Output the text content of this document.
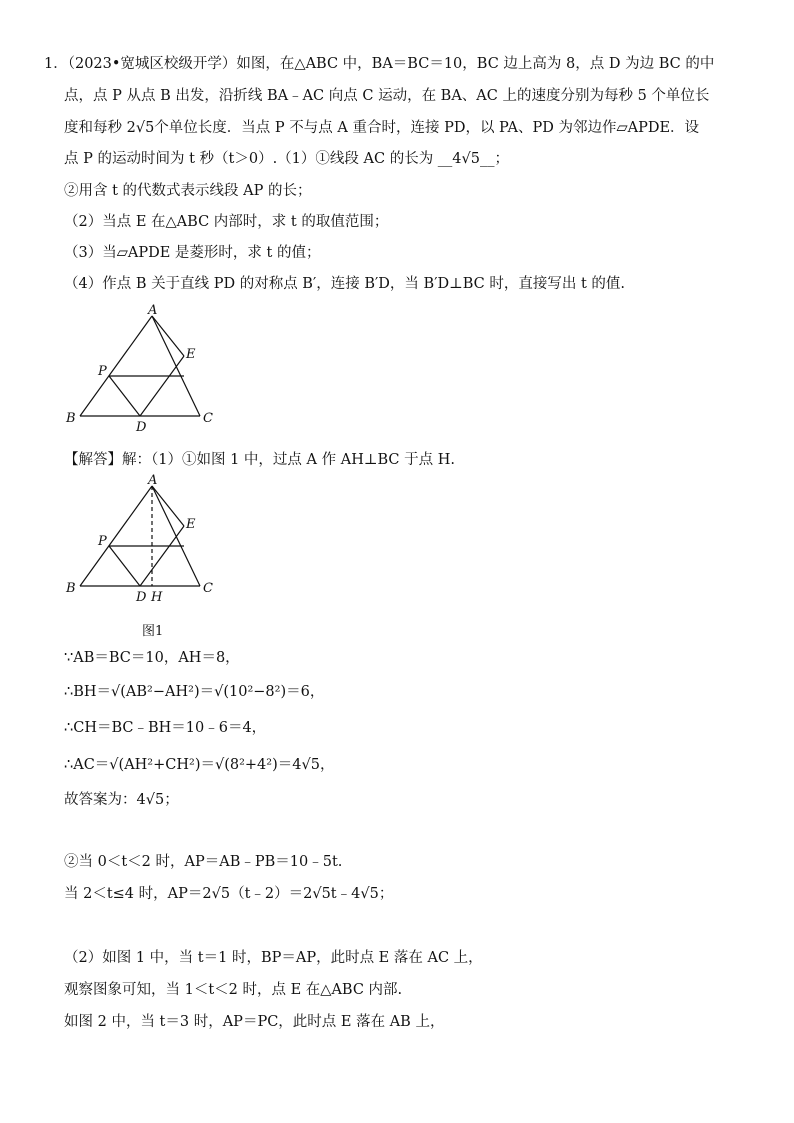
1．（2023•宽城区校级开学）如图，在△ABC 中，BA＝BC＝10，BC 边上高为 8，点 D 为边 BC 的中
点，点 P 从点 B 出发，沿折线 BA﹣AC 向点 C 运动，在 BA、AC 上的速度分别为每秒 5 个单位长
度和每秒 2√5个单位长度．当点 P 不与点 A 重合时，连接 PD，以 PA、PD 为邻边作▱APDE．设
点 P 的运动时间为 t 秒（t＞0）.（1）①线段 AC 的长为 __4√5__；
②用含 t 的代数式表示线段 AP 的长；
（2）当点 E 在△ABC 内部时，求 t 的取值范围；
（3）当▱APDE 是菱形时，求 t 的值；
（4）作点 B 关于直线 PD 的对称点 B′，连接 B′D，当 B′D⊥BC 时，直接写出 t 的值.
A
B	C
D
P
E
【解答】解：（1）①如图 1 中，过点 A 作 AH⊥BC 于点 H.
A
B	C
D H
P
E
图1
∵AB＝BC＝10，AH＝8，
∴BH＝√(AB²−AH²)＝√(10²−8²)＝6，
∴CH＝BC﹣BH＝10﹣6＝4，
∴AC＝√(AH²+CH²)＝√(8²+4²)＝4√5，
故答案为：4√5；
②当 0＜t＜2 时，AP＝AB﹣PB＝10﹣5t.
当 2＜t≤4 时，AP＝2√5（t﹣2）＝2√5t﹣4√5；
（2）如图 1 中，当 t＝1 时，BP＝AP，此时点 E 落在 AC 上，
观察图象可知，当 1＜t＜2 时，点 E 在△ABC 内部.
如图 2 中，当 t＝3 时，AP＝PC，此时点 E 落在 AB 上，
